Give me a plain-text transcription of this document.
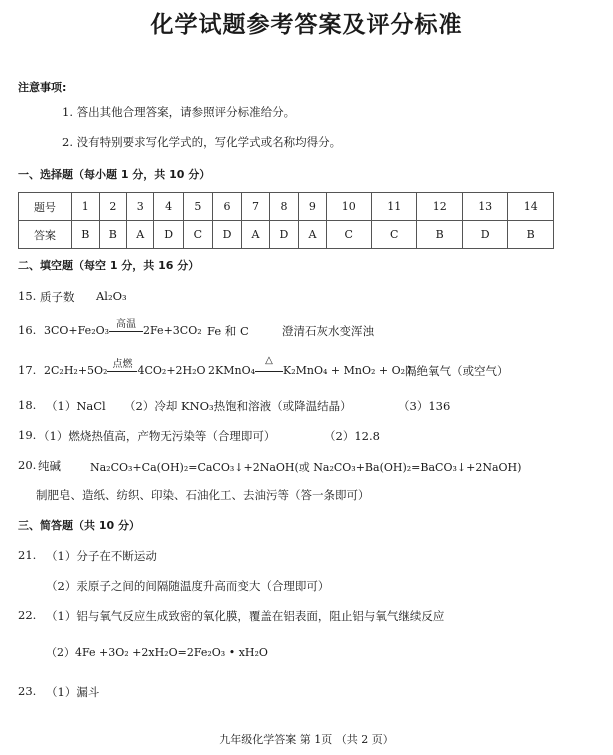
化学试题参考答案及评分标准
注意事项:
1. 答出其他合理答案，请参照评分标准给分。
2. 没有特别要求写化学式的，写化学式或名称均得分。
一、选择题（每小题 1 分，共 10 分）
题号	1	2	3	4	5	6	7	8	9	10	11	12	13	14
答案	B	B	A	D	C	D	A	D	A	C	C	B	D	B
二、填空题（每空 1 分，共 16 分）
15. 质子数 Al₂O₃
16. 3CO+Fe₂O₃ 高温 2Fe+3CO₂ Fe 和 C	澄清石灰水变浑浊
17. 2C₂H₂+5O₂ 点燃 4CO₂+2H₂O 2KMnO₄
△
K₂MnO₄ + MnO₂ + O₂↑
隔绝氧气（或空气）
18. （1）NaCl （2）冷却 KNO₃热饱和溶液（或降温结晶）	（3）136
19. （1）燃烧热值高，产物无污染等（合理即可）	（2）12.8
20. 纯碱	Na₂CO₃+Ca(OH)₂=CaCO₃↓+2NaOH(或 Na₂CO₃+Ba(OH)₂=BaCO₃↓+2NaOH)
制肥皂、造纸、纺织、印染、石油化工、去油污等（答一条即可）
三、简答题（共 10 分）
21. （1）分子在不断运动
（2）汞原子之间的间隔随温度升高而变大（合理即可）
22. （1）铝与氧气反应生成致密的氧化膜，覆盖在铝表面，阻止铝与氧气继续反应
（2）4Fe +3O₂ +2xH₂O=2Fe₂O₃ • xH₂O
23. （1）漏斗
九年级化学答案 第 1页 （共 2 页）
